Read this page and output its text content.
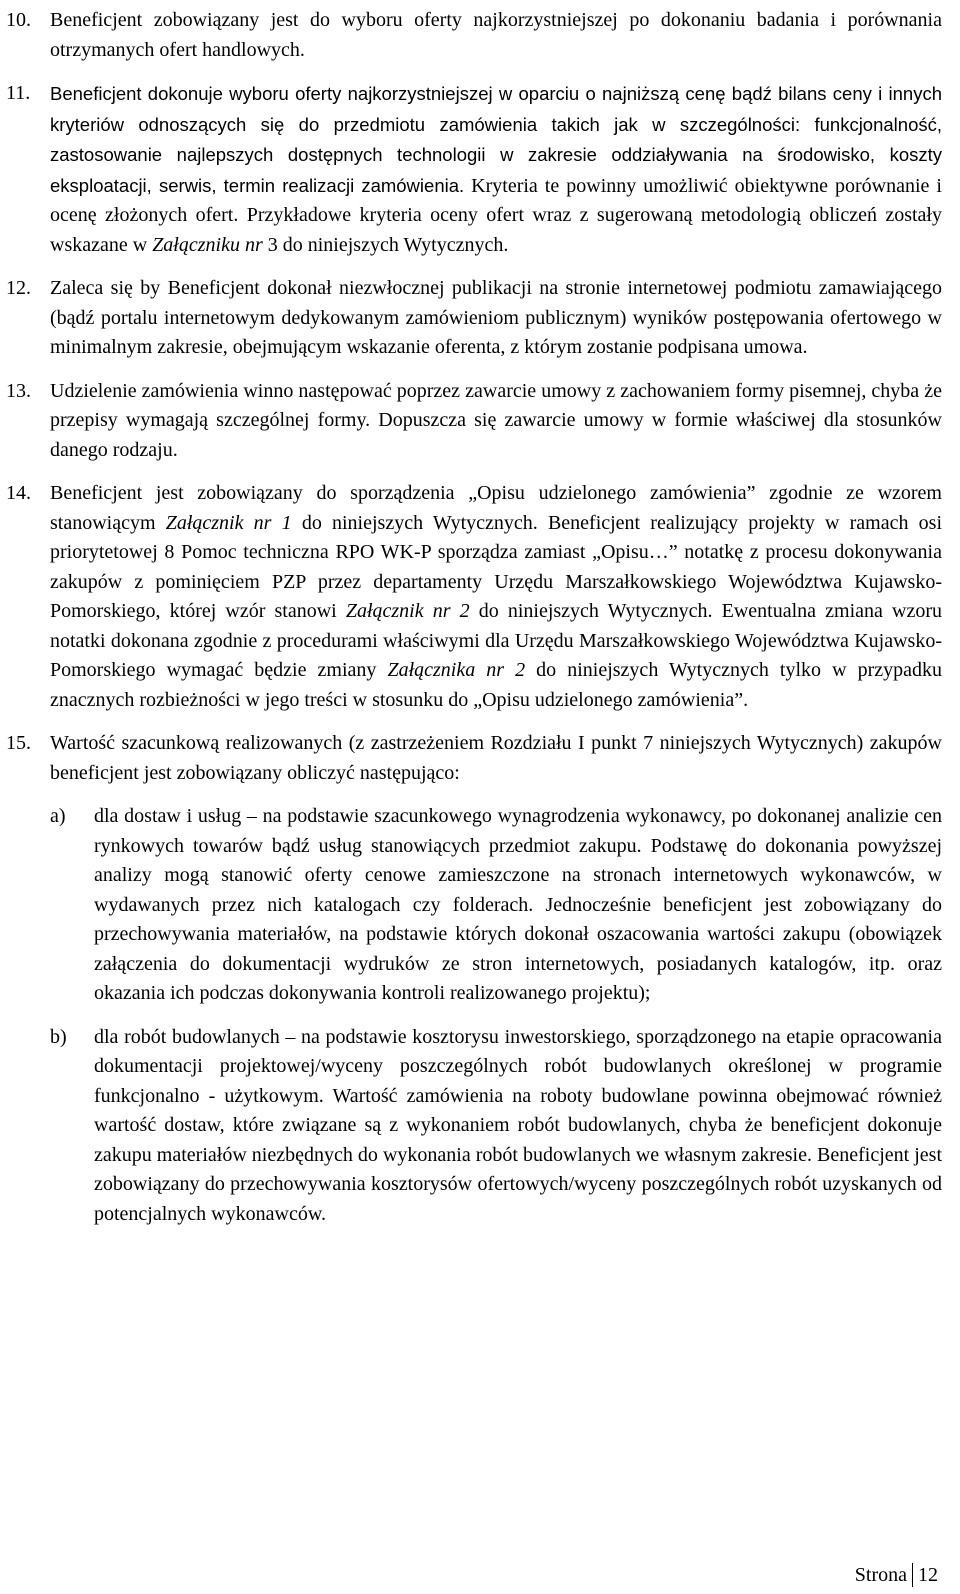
10. Beneficjent zobowiązany jest do wyboru oferty najkorzystniejszej po dokonaniu badania i porównania otrzymanych ofert handlowych.

11.	Beneficjent dokonuje wyboru oferty najkorzystniejszej w oparciu o najniższą cenę bądź bilans ceny i innych kryteriów odnoszących się do przedmiotu zamówienia takich jak w szczególności: funkcjonalność, zastosowanie najlepszych dostępnych technologii w zakresie oddziaływania na środowisko, koszty eksploatacji, serwis, termin realizacji zamówienia. Kryteria te powinny umożliwić obiektywne porównanie i ocenę złożonych ofert. Przykładowe kryteria oceny ofert wraz z sugerowaną metodologią obliczeń zostały wskazane w Załączniku nr 3 do niniejszych Wytycznych.

12. Zaleca się by Beneficjent dokonał niezwłocznej publikacji na stronie internetowej podmiotu zamawiającego (bądź portalu internetowym dedykowanym zamówieniom publicznym) wyników postępowania ofertowego w minimalnym zakresie, obejmującym wskazanie oferenta, z którym zostanie podpisana umowa.

13. Udzielenie zamówienia winno następować poprzez zawarcie umowy z zachowaniem formy pisemnej, chyba że przepisy wymagają szczególnej formy. Dopuszcza się zawarcie umowy w formie właściwej dla stosunków danego rodzaju.

14. Beneficjent jest zobowiązany do sporządzenia „Opisu udzielonego zamówienia” zgodnie ze wzorem stanowiącym Załącznik nr 1 do niniejszych Wytycznych. Beneficjent realizujący projekty w ramach osi priorytetowej 8 Pomoc techniczna RPO WK-P sporządza zamiast „Opisu…” notatkę z procesu dokonywania zakupów z pominięciem PZP przez departamenty Urzędu Marszałkowskiego Województwa Kujawsko-Pomorskiego, której wzór stanowi Załącznik nr 2 do niniejszych Wytycznych. Ewentualna zmiana wzoru notatki dokonana zgodnie z procedurami właściwymi dla Urzędu Marszałkowskiego Województwa Kujawsko-Pomorskiego wymagać będzie zmiany Załącznika nr 2 do niniejszych Wytycznych tylko w przypadku znacznych rozbieżności w jego treści w stosunku do „Opisu udzielonego zamówienia”.

15. Wartość szacunkową realizowanych (z zastrzeżeniem Rozdziału I punkt 7 niniejszych Wytycznych) zakupów beneficjent jest zobowiązany obliczyć następująco:

a)	dla dostaw i usług – na podstawie szacunkowego wynagrodzenia wykonawcy, po dokonanej analizie cen rynkowych towarów bądź usług stanowiących przedmiot zakupu. Podstawę do dokonania powyższej analizy mogą stanowić oferty cenowe zamieszczone na stronach internetowych wykonawców, w wydawanych przez nich katalogach czy folderach. Jednocześnie beneficjent jest zobowiązany do przechowywania materiałów, na podstawie których dokonał oszacowania wartości zakupu (obowiązek załączenia do dokumentacji wydruków ze stron internetowych, posiadanych katalogów, itp. oraz okazania ich podczas dokonywania kontroli realizowanego projektu);

b)	dla robót budowlanych – na podstawie kosztorysu inwestorskiego, sporządzonego na etapie opracowania dokumentacji projektowej/wyceny poszczególnych robót budowlanych określonej w programie funkcjonalno - użytkowym. Wartość zamówienia na roboty budowlane powinna obejmować również wartość dostaw, które związane są z wykonaniem robót budowlanych, chyba że beneficjent dokonuje zakupu materiałów niezbędnych do wykonania robót budowlanych we własnym zakresie. Beneficjent jest zobowiązany do przechowywania kosztorysów ofertowych/wyceny poszczególnych robót uzyskanych od potencjalnych wykonawców.

Strona 12
